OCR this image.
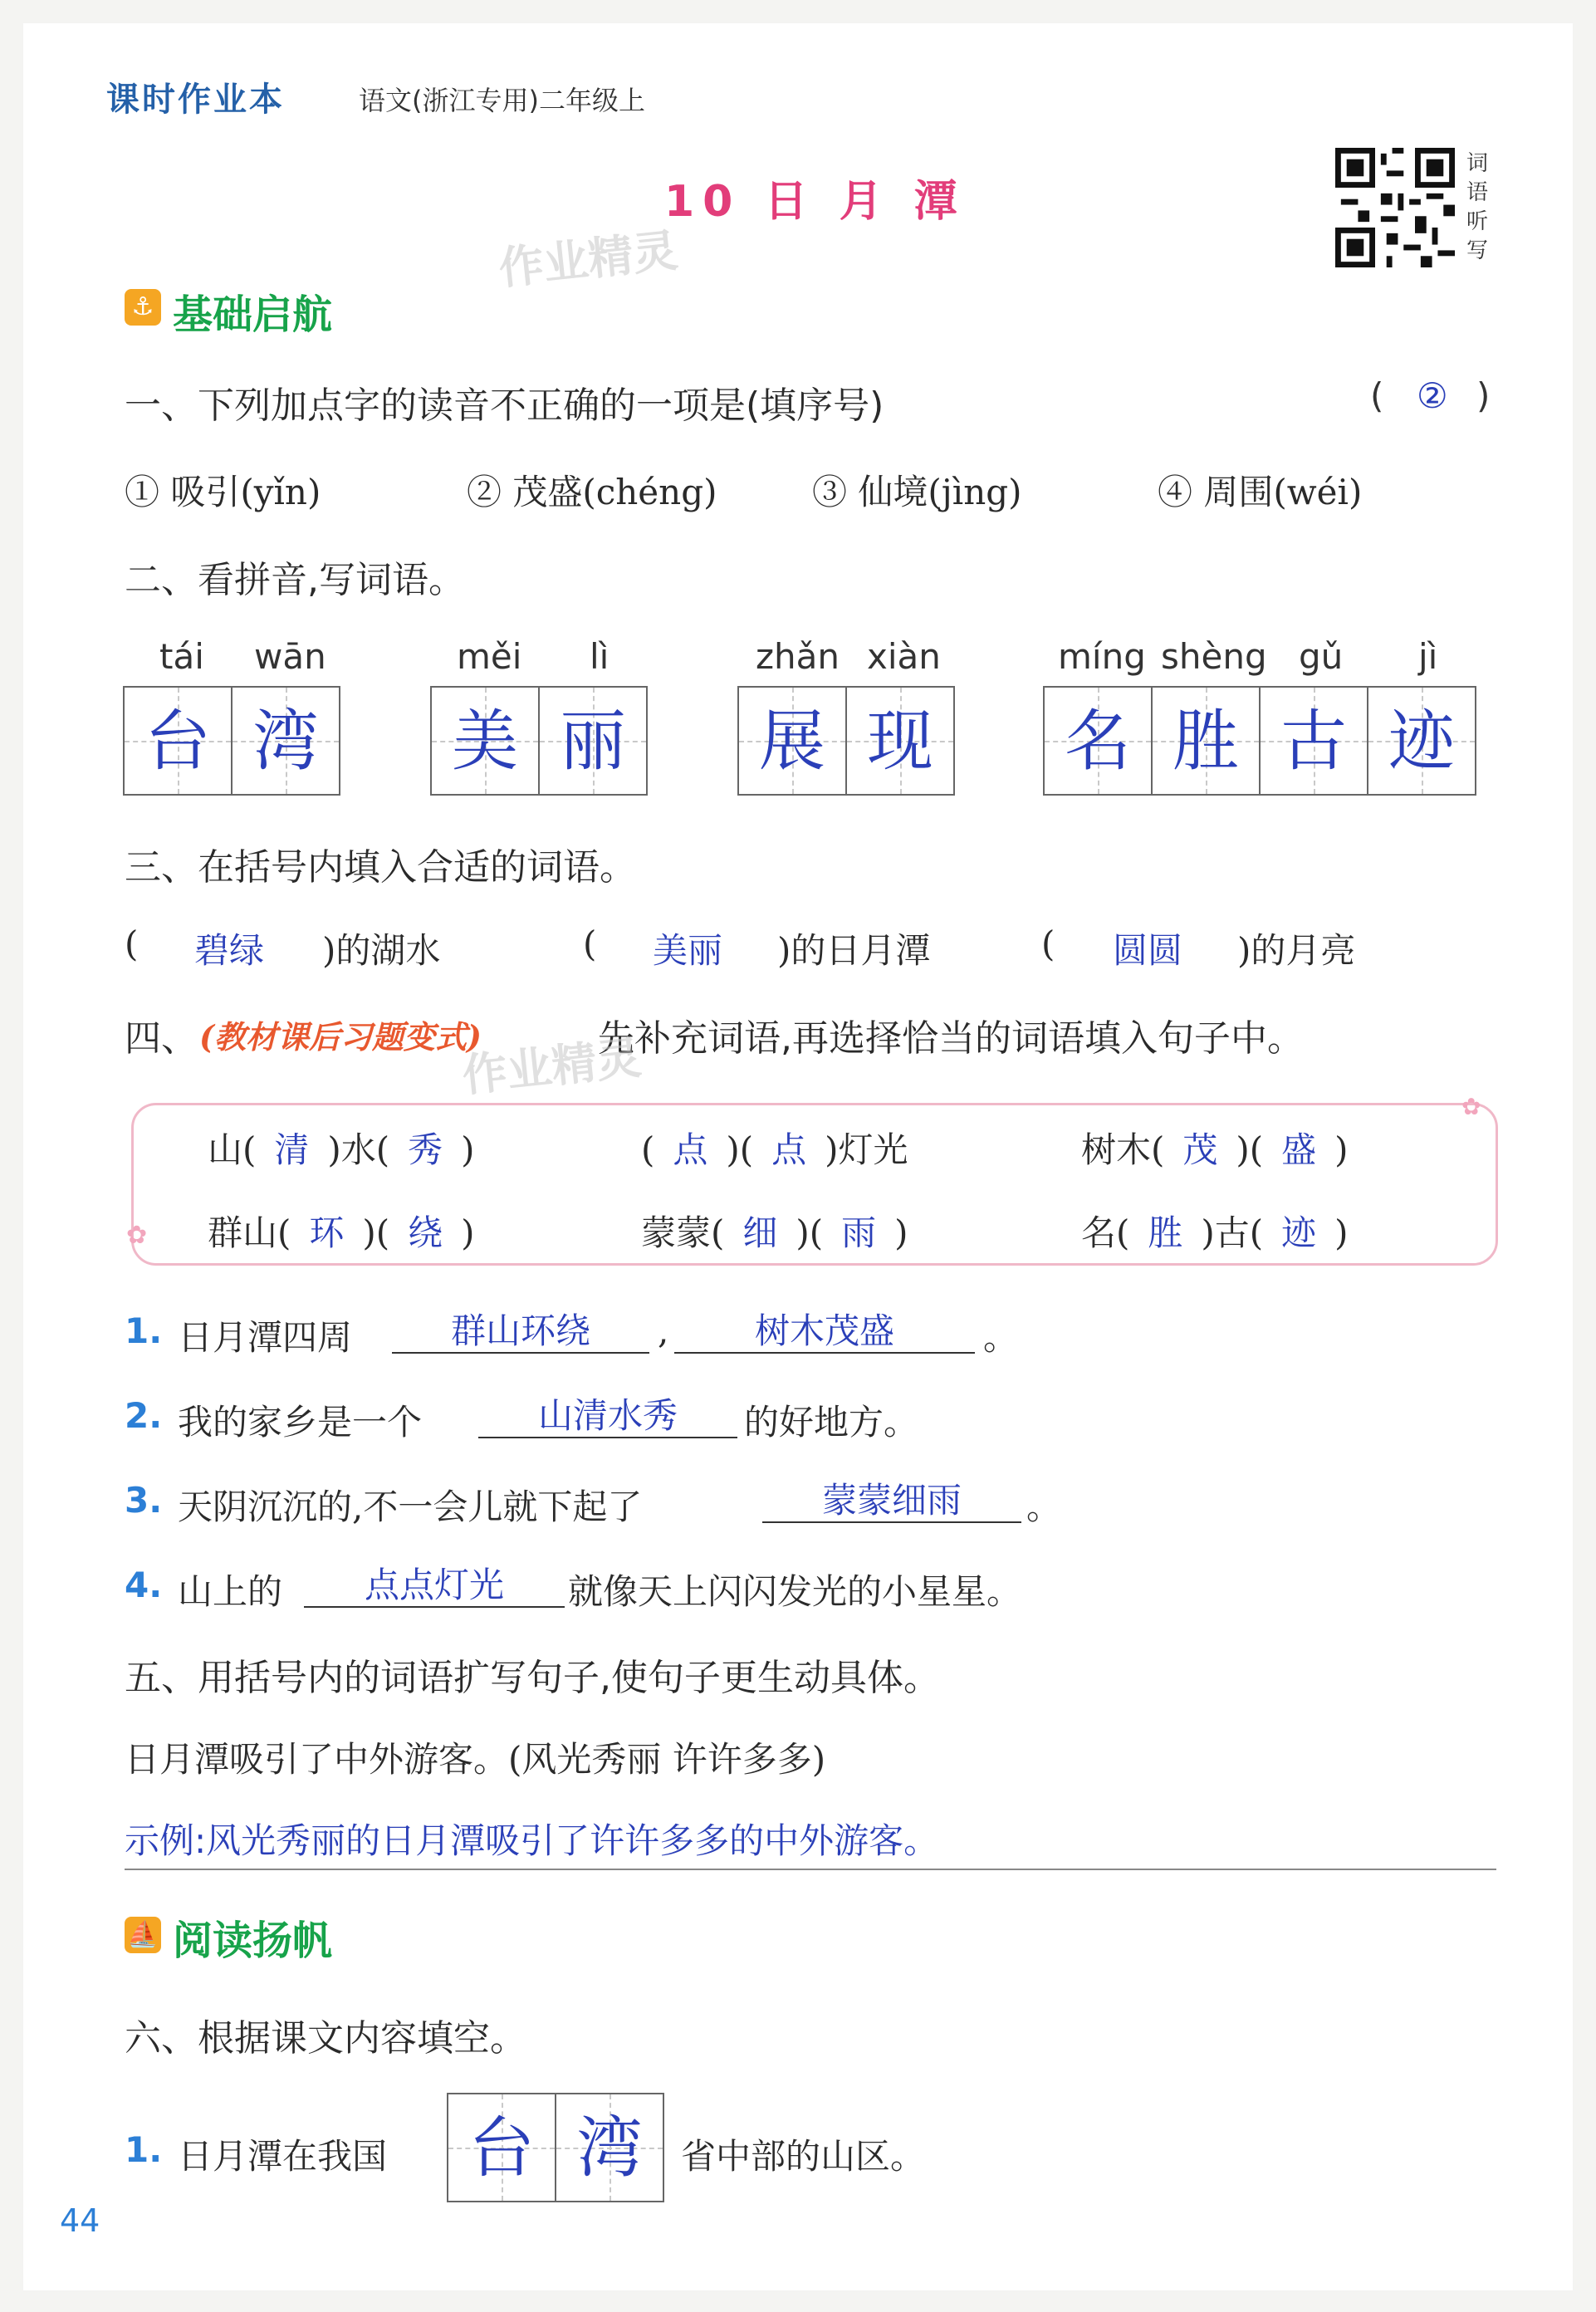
课时作业本	语文(浙江专用)二年级上
10 日 月 潭
作业精灵
词语听写
⚓ 基础启航
一、下列加点字的读音不正确的一项是(填序号)	( ② )
① 吸引(yǐn)	② 茂盛(chéng)	③ 仙境(jìng)	④ 周围(wéi)
二、看拼音,写词语。
tái wān	měi lì	zhǎn xiàn	míng shèng gǔ jì
台 湾	美 丽	展 现	名 胜 古 迹
三、在括号内填入合适的词语。
( 碧绿 )的湖水	( 美丽 )的日月潭	( 圆圆 )的月亮
四、 (教材课后习题变式)	先补充词语,再选择恰当的词语填入句子中。
作业精灵
✿
✿
山( 清 )水( 秀 )	( 点 )( 点 )灯光	树木( 茂 )( 盛 )
群山( 环 )( 绕 )	蒙蒙( 细 )( 雨 )	名( 胜 )古( 迹 )
1. 日月潭四周	群山环绕	,	树木茂盛	。
2. 我的家乡是一个	山清水秀	的好地方。
3. 天阴沉沉的,不一会儿就下起了	蒙蒙细雨	。
4. 山上的	点点灯光	就像天上闪闪发光的小星星。
五、用括号内的词语扩写句子,使句子更生动具体。
日月潭吸引了中外游客。(风光秀丽 许许多多)
示例:风光秀丽的日月潭吸引了许许多多的中外游客。
⛵ 阅读扬帆
六、根据课文内容填空。
1. 日月潭在我国	台 湾	省中部的山区。
44
